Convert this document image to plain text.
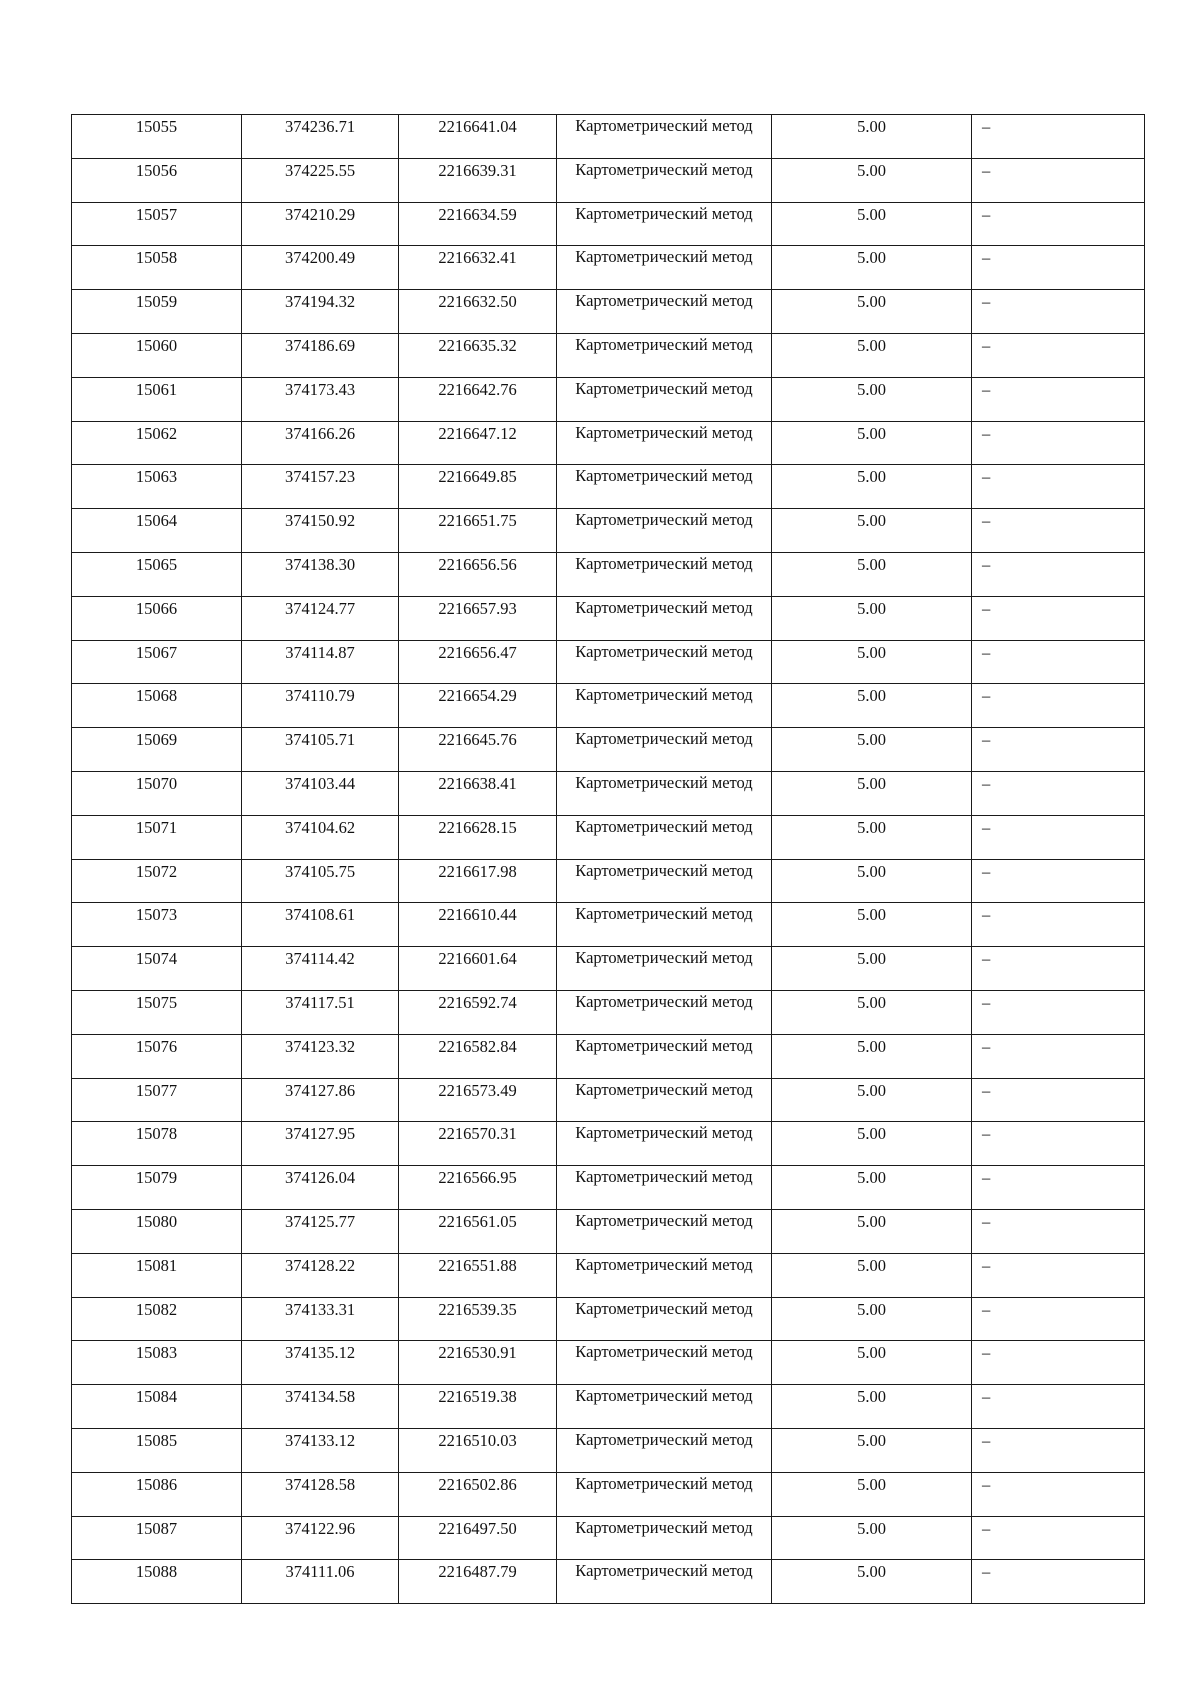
15055	374236.71	2216641.04	Картометрический метод	5.00	–
15056	374225.55	2216639.31	Картометрический метод	5.00	–
15057	374210.29	2216634.59	Картометрический метод	5.00	–
15058	374200.49	2216632.41	Картометрический метод	5.00	–
15059	374194.32	2216632.50	Картометрический метод	5.00	–
15060	374186.69	2216635.32	Картометрический метод	5.00	–
15061	374173.43	2216642.76	Картометрический метод	5.00	–
15062	374166.26	2216647.12	Картометрический метод	5.00	–
15063	374157.23	2216649.85	Картометрический метод	5.00	–
15064	374150.92	2216651.75	Картометрический метод	5.00	–
15065	374138.30	2216656.56	Картометрический метод	5.00	–
15066	374124.77	2216657.93	Картометрический метод	5.00	–
15067	374114.87	2216656.47	Картометрический метод	5.00	–
15068	374110.79	2216654.29	Картометрический метод	5.00	–
15069	374105.71	2216645.76	Картометрический метод	5.00	–
15070	374103.44	2216638.41	Картометрический метод	5.00	–
15071	374104.62	2216628.15	Картометрический метод	5.00	–
15072	374105.75	2216617.98	Картометрический метод	5.00	–
15073	374108.61	2216610.44	Картометрический метод	5.00	–
15074	374114.42	2216601.64	Картометрический метод	5.00	–
15075	374117.51	2216592.74	Картометрический метод	5.00	–
15076	374123.32	2216582.84	Картометрический метод	5.00	–
15077	374127.86	2216573.49	Картометрический метод	5.00	–
15078	374127.95	2216570.31	Картометрический метод	5.00	–
15079	374126.04	2216566.95	Картометрический метод	5.00	–
15080	374125.77	2216561.05	Картометрический метод	5.00	–
15081	374128.22	2216551.88	Картометрический метод	5.00	–
15082	374133.31	2216539.35	Картометрический метод	5.00	–
15083	374135.12	2216530.91	Картометрический метод	5.00	–
15084	374134.58	2216519.38	Картометрический метод	5.00	–
15085	374133.12	2216510.03	Картометрический метод	5.00	–
15086	374128.58	2216502.86	Картометрический метод	5.00	–
15087	374122.96	2216497.50	Картометрический метод	5.00	–
15088	374111.06	2216487.79	Картометрический метод	5.00	–
